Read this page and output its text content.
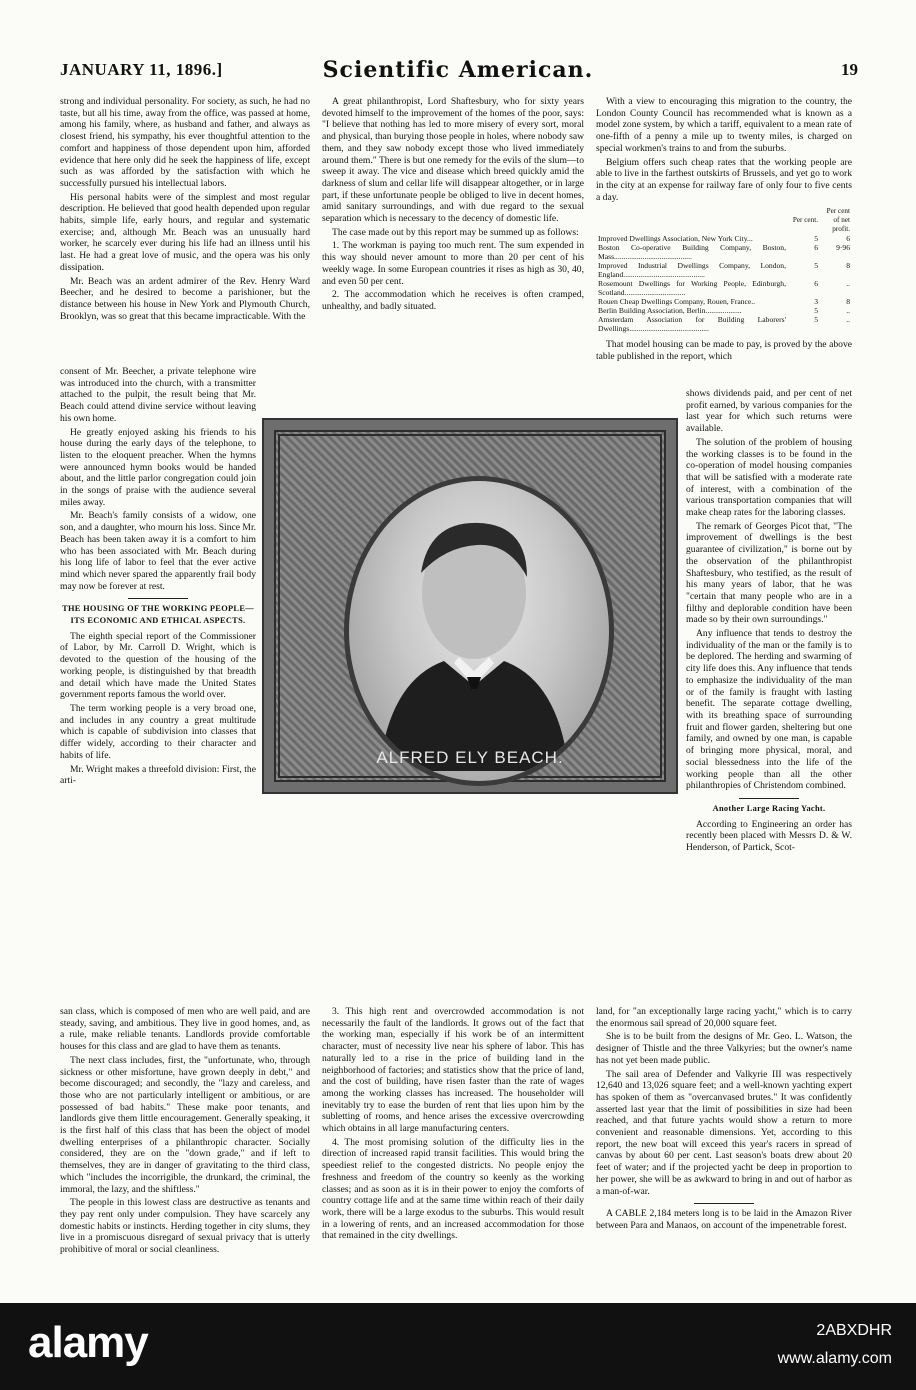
JANUARY 11, 1896.]	Scientific American.	19

strong and individual personality. For society, as such, he had no taste, but all his time, away from the office, was passed at home, among his family, where, as husband and father, and always as closest friend, his sympathy, his ever thoughtful attention to the comfort and happiness of those dependent upon him, afforded evidence that here only did he seek the happiness of life, except such as was afforded by the satisfaction with which he successfully pursued his intellectual labors.

His personal habits were of the simplest and most regular description. He believed that good health depended upon regular habits, simple life, early hours, and regular and systematic exercise; and, although Mr. Beach was an unusually hard worker, he scarcely ever during his life had an illness until his last. He had a great love of music, and the opera was his only dissipation.

Mr. Beach was an ardent admirer of the Rev. Henry Ward Beecher, and he desired to become a parishioner, but the distance between his house in New York and Plymouth Church, Brooklyn, was so great that this became impracticable. With the

consent of Mr. Beecher, a private telephone wire was introduced into the church, with a transmitter attached to the pulpit, the result being that Mr. Beach could attend divine service without leaving his own home.

He greatly enjoyed asking his friends to his house during the early days of the telephone, to listen to the eloquent preacher. When the hymns were announced hymn books would be handed about, and the little parlor congregation could join in the songs of praise with the audience several miles away.

Mr. Beach's family consists of a widow, one son, and a daughter, who mourn his loss. Since Mr. Beach has been taken away it is a comfort to him who has been associated with Mr. Beach during his long life of labor to feel that the ever active mind which never spared the apparently frail body may now be forever at rest.

THE HOUSING OF THE WORKING PEOPLE—ITS ECONOMIC AND ETHICAL ASPECTS.

The eighth special report of the Commissioner of Labor, by Mr. Carroll D. Wright, which is devoted to the question of the housing of the working people, is distinguished by that breadth and detail which have made the United States government reports famous the world over.

The term working people is a very broad one, and includes in any country a great multitude which is capable of subdivision into classes that differ widely, according to their character and habits of life.

Mr. Wright makes a threefold division: First, the arti-

san class, which is composed of men who are well paid, and are steady, saving, and ambitious. They live in good homes, and, as a rule, make reliable tenants. Landlords provide comfortable houses for this class and are glad to have them as tenants.

The next class includes, first, the "unfortunate, who, through sickness or other misfortune, have grown deeply in debt," and become discouraged; and secondly, the "lazy and careless, and those who are not particularly intelligent or ambitious, or are possessed of bad habits." These make poor tenants, and landlords give them little encouragement. Generally speaking, it is the first half of this class that has been the object of model dwelling enterprises of a philanthropic character. Socially considered, they are on the "down grade," and if left to themselves, they are in danger of gravitating to the third class, which "includes the incorrigible, the drunkard, the criminal, the immoral, the lazy, and the shiftless."

The people in this lowest class are destructive as tenants and they pay rent only under compulsion. They have scarcely any domestic habits or instincts. Herding together in city slums, they live in a promiscuous disregard of sexual privacy that is utterly prohibitive of moral or social cleanliness.

A great philanthropist, Lord Shaftesbury, who for sixty years devoted himself to the improvement of the homes of the poor, says: "I believe that nothing has led to more misery of every sort, moral and physical, than burying those people in holes, where nobody saw them, and they saw nobody except those who lived immediately around them." There is but one remedy for the evils of the slum—to sweep it away. The vice and disease which breed quickly amid the darkness of slum and cellar life will disappear altogether, or in large part, if these unfortunate people be obliged to live in decent homes, amid sanitary surroundings, and with due regard to the sexual separation which is necessary to the decency of domestic life.

The case made out by this report may be summed up as follows:

1. The workman is paying too much rent. The sum expended in this way should never amount to more than 20 per cent of his weekly wage. In some European countries it rises as high as 30, 40, and even 50 per cent.

2. The accommodation which he receives is often cramped, unhealthy, and badly situated.

ALFRED ELY BEACH.

3. This high rent and overcrowded accommodation is not necessarily the fault of the landlords. It grows out of the fact that the working man, especially if his work be of an intermittent character, must of necessity live near his sphere of labor. This has naturally led to a rise in the price of building land in the neighborhood of factories; and statistics show that the price of land, and the cost of building, have risen faster than the rate of wages among the working classes has increased. The householder will inevitably try to ease the burden of rent that lies upon him by the subletting of rooms, and hence arises the excessive overcrowding which obtains in all large manufacturing centers.

4. The most promising solution of the difficulty lies in the direction of increased rapid transit facilities. This would bring the speediest relief to the congested districts. No people enjoy the freshness and freedom of the country so keenly as the working classes; and as soon as it is in their power to enjoy the comforts of country cottage life and at the same time within reach of their daily work, there will be a large exodus to the suburbs. This would result in a lowering of rents, and an increased accommodation for those that remained in the city dwellings.

With a view to encouraging this migration to the country, the London County Council has recommended what is known as a model zone system, by which a tariff, equivalent to a mean rate of one-fifth of a penny a mile up to twenty miles, is charged on special workmen's trains to and from the suburbs.

Belgium offers such cheap rates that the working people are able to live in the farthest outskirts of Brussels, and yet go to work in the city at an expense for railway fare of only four to five cents a day.

	Per cent.	Per cent of net profit.
Improved Dwellings Association, New York City...	5	6
Boston Co-operative Building Company, Boston, Mass.........................................	6	9·96
Improved Industrial Dwellings Company, London, England...........................................	5	8
Rosemount Dwellings for Working People, Edinburgh, Scotland................................	6	..
Rouen Cheap Dwellings Company, Rouen, France..	3	8
Berlin Building Association, Berlin...................	5	..
Amsterdam Association for Building Laborers' Dwellings..........................................	5	..

That model housing can be made to pay, is proved by the above table published in the report, which

shows dividends paid, and per cent of net profit earned, by various companies for the last year for which such returns were available.

The solution of the problem of housing the working classes is to be found in the co-operation of model housing companies that will be satisfied with a moderate rate of interest, with a combination of the various transportation companies that will make cheap rates for the laboring classes.

The remark of Georges Picot that, "The improvement of dwellings is the best guarantee of civilization," is borne out by the observation of the philanthropist Shaftesbury, who testified, as the result of his many years of labor, that he was "certain that many people who are in a filthy and deplorable condition have been made so by their own surroundings."

Any influence that tends to destroy the individuality of the man or the family is to be deplored. The herding and swarming of city life does this. Any influence that tends to emphasize the individuality of the man or of the family is fraught with lasting benefit. The separate cottage dwelling, with its breathing space of surrounding fruit and flower garden, sheltering but one family, and owned by one man, is capable of bringing more physical, moral, and social blessedness into the life of the working people than all the other philanthropies of Christendom combined.

Another Large Racing Yacht.

According to Engineering an order has recently been placed with Messrs D. & W. Henderson, of Partick, Scot-

land, for "an exceptionally large racing yacht," which is to carry the enormous sail spread of 20,000 square feet.

She is to be built from the designs of Mr. Geo. L. Watson, the designer of Thistle and the three Valkyries; but the owner's name has not yet been made public.

The sail area of Defender and Valkyrie III was respectively 12,640 and 13,026 square feet; and a well-known yachting expert has spoken of them as "overcanvased brutes." It was confidently asserted last year that the limit of possibilities in size had been reached, and that future yachts would show a return to more convenient and reasonable dimensions. Yet, according to this report, the new boat will exceed this year's racers in spread of canvas by about 60 per cent. Last season's boats drew about 20 feet of water; and if the projected yacht be deep in proportion to her power, she will be as awkward to bring in and out of harbor as a man-of-war.

A CABLE 2,184 meters long is to be laid in the Amazon River between Para and Manaos, on account of the impenetrable forest.

alamy	2ABXDHR
www.alamy.com
